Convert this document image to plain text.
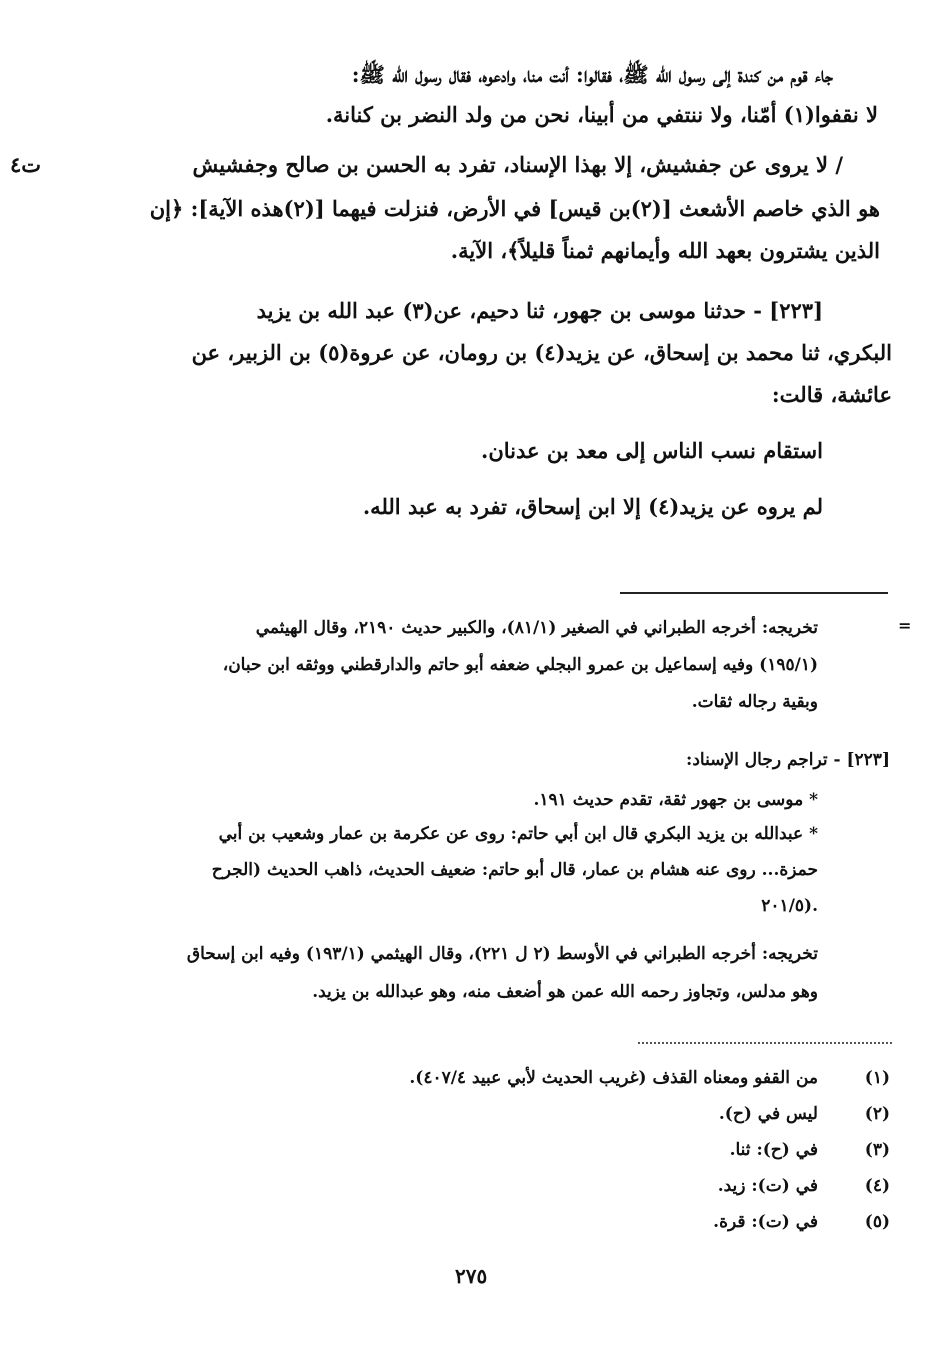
جاء قوم من كندة إلى رسول الله ﷺ، فقالوا: أنت منا، وادعوه، فقال رسول الله ﷺ:
لا نقفوا(١) أمّنا، ولا ننتفي من أبينا، نحن من ولد النضر بن كنانة.
/ لا يروى عن جفشيش، إلا بهذا الإسناد، تفرد به الحسن بن صالح وجفشيش
ت٤
هو الذي خاصم الأشعث [(٢)بن قيس] في الأرض، فنزلت فيهما [(٢)هذه الآية]: ﴿إن
الذين يشترون بعهد الله وأيمانهم ثمناً قليلاً﴾، الآية.
[٢٢٣] - حدثنا موسى بن جهور، ثنا دحيم، عن(٣) عبد الله بن يزيد
البكري، ثنا محمد بن إسحاق، عن يزيد(٤) بن رومان، عن عروة(٥) بن الزبير، عن
عائشة، قالت:
استقام نسب الناس إلى معد بن عدنان.
لم يروه عن يزيد(٤) إلا ابن إسحاق، تفرد به عبد الله.
=
تخريجه: أخرجه الطبراني في الصغير (٨١/١)، والكبير حديث ٢١٩٠، وقال الهيثمي
(١٩٥/١) وفيه إسماعيل بن عمرو البجلي ضعفه أبو حاتم والدارقطني ووثقه ابن حبان،
وبقية رجاله ثقات.
[٢٢٣] - تراجم رجال الإسناد:
* موسى بن جهور ثقة، تقدم حديث ١٩١.
* عبدالله بن يزيد البكري قال ابن أبي حاتم: روى عن عكرمة بن عمار وشعيب بن أبي
حمزة... روى عنه هشام بن عمار، قال أبو حاتم: ضعيف الحديث، ذاهب الحديث (الجرح
٢٠١/٥).
تخريجه: أخرجه الطبراني في الأوسط (٢ ل ٢٢١)، وقال الهيثمي (١٩٣/١) وفيه ابن إسحاق
وهو مدلس، وتجاوز رحمه الله عمن هو أضعف منه، وهو عبدالله بن يزيد.
(١)
من القفو ومعناه القذف (غريب الحديث لأبي عبيد ٤٠٧/٤).
(٢)
ليس في (ح).
(٣)
في (ح): ثنا.
(٤)
في (ت): زيد.
(٥)
في (ت): قرة.
٢٧٥
